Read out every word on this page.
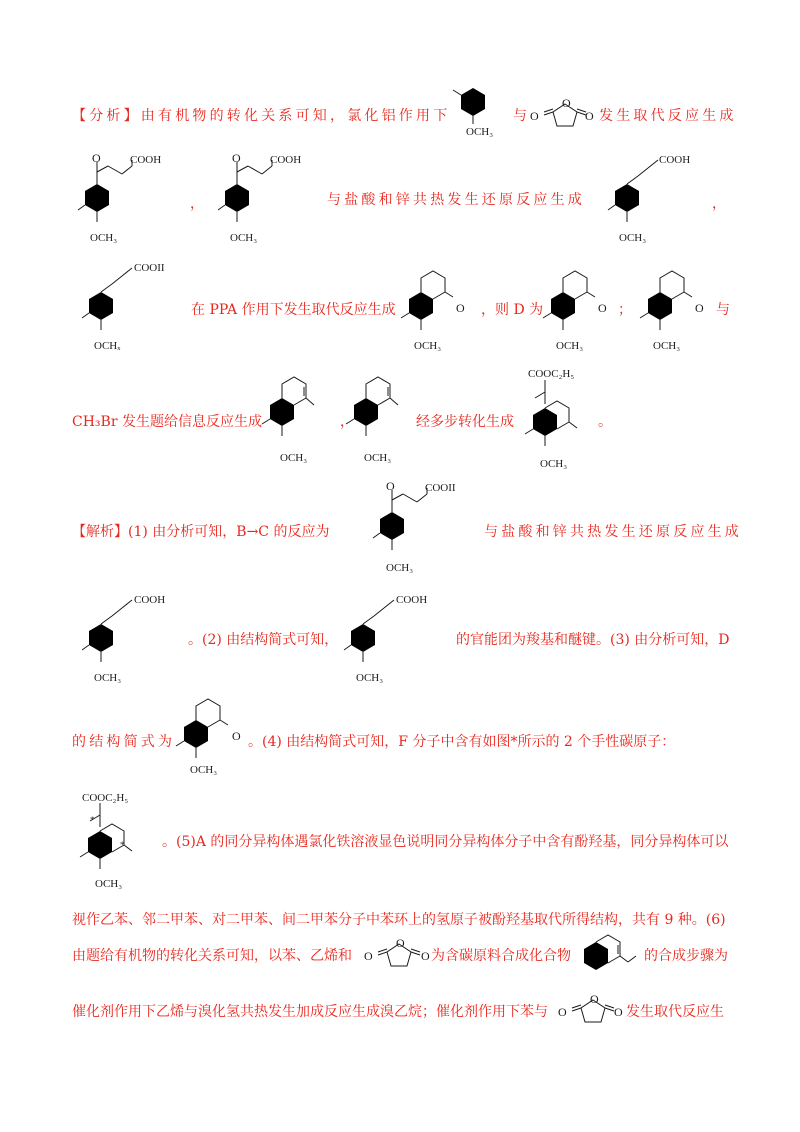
【分析】由有机物的转化关系可知，氯化铝作用下
OCH₃
与 O
O
O 发生取代反应生成
O	COOH
OCH₃
，
O	COOH
OCH₃
与盐酸和锌共热发生还原反应生成
COOH
OCH₃
，
COOII
OCHₓ
在 PPA 作用下发生取代反应生成	O
OCH₃
，则 D 为	O
OCH₃
；	O
OCH₃
与
CH₃Br 发生题给信息反应生成
OCH₃
，
OCH₃
经多步转化生成
COOC₂H₅
OCH₃
。
【解析】(1) 由分析可知，B→C 的反应为
O	COOII
OCH₃
与盐酸和锌共热发生还原反应生成
COOH
OCH₃
。(2) 由结构简式可知，
COOH
OCH₃
的官能团为羧基和醚键。(3) 由分析可知，D
的结构简式为	O
OCH₃
。(4) 由结构简式可知，F 分子中含有如图*所示的 2 个手性碳原子：
COOC₂H₅
*
*
OCH₃
。(5)A 的同分异构体遇氯化铁溶液显色说明同分异构体分子中含有酚羟基，同分异构体可以
视作乙苯、邻二甲苯、对二甲苯、间二甲苯分子中苯环上的氢原子被酚羟基取代所得结构，共有 9 种。(6)
由题给有机物的转化关系可知，以苯、乙烯和 O
O
O 为含碳原料合成化合物	的合成步骤为
催化剂作用下乙烯与溴化氢共热发生加成反应生成溴乙烷；催化剂作用下苯与 O
O
O 发生取代反应生
